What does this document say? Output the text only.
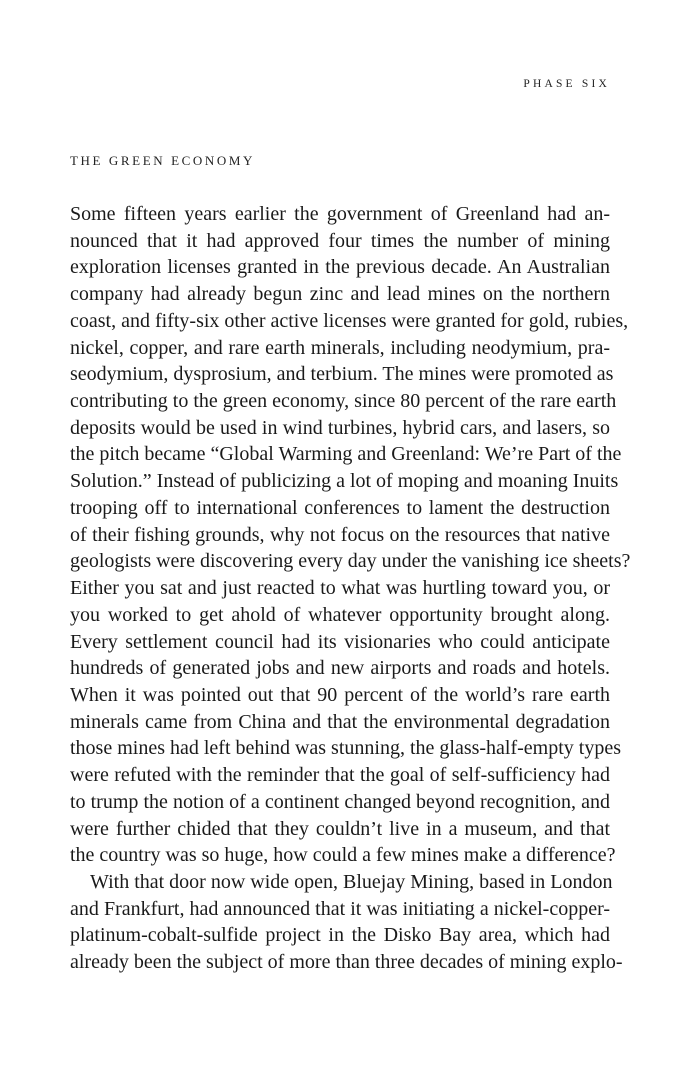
PHASE SIX
THE GREEN ECONOMY
Some fifteen years earlier the government of Greenland had an-
nounced that it had approved four times the number of mining
exploration licenses granted in the previous decade. An Australian
company had already begun zinc and lead mines on the northern
coast, and fifty-six other active licenses were granted for gold, rubies,
nickel, copper, and rare earth minerals, including neodymium, pra-
seodymium, dysprosium, and terbium. The mines were promoted as
contributing to the green economy, since 80 percent of the rare earth
deposits would be used in wind turbines, hybrid cars, and lasers, so
the pitch became “Global Warming and Greenland: We’re Part of the
Solution.” Instead of publicizing a lot of moping and moaning Inuits
trooping off to international conferences to lament the destruction
of their fishing grounds, why not focus on the resources that native
geologists were discovering every day under the vanishing ice sheets?
Either you sat and just reacted to what was hurtling toward you, or
you worked to get ahold of whatever opportunity brought along.
Every settlement council had its visionaries who could anticipate
hundreds of generated jobs and new airports and roads and hotels.
When it was pointed out that 90 percent of the world’s rare earth
minerals came from China and that the environmental degradation
those mines had left behind was stunning, the glass-half-empty types
were refuted with the reminder that the goal of self-sufficiency had
to trump the notion of a continent changed beyond recognition, and
were further chided that they couldn’t live in a museum, and that
the country was so huge, how could a few mines make a difference?
With that door now wide open, Bluejay Mining, based in London
and Frankfurt, had announced that it was initiating a nickel-copper-
platinum-cobalt-sulfide project in the Disko Bay area, which had
already been the subject of more than three decades of mining explo-
